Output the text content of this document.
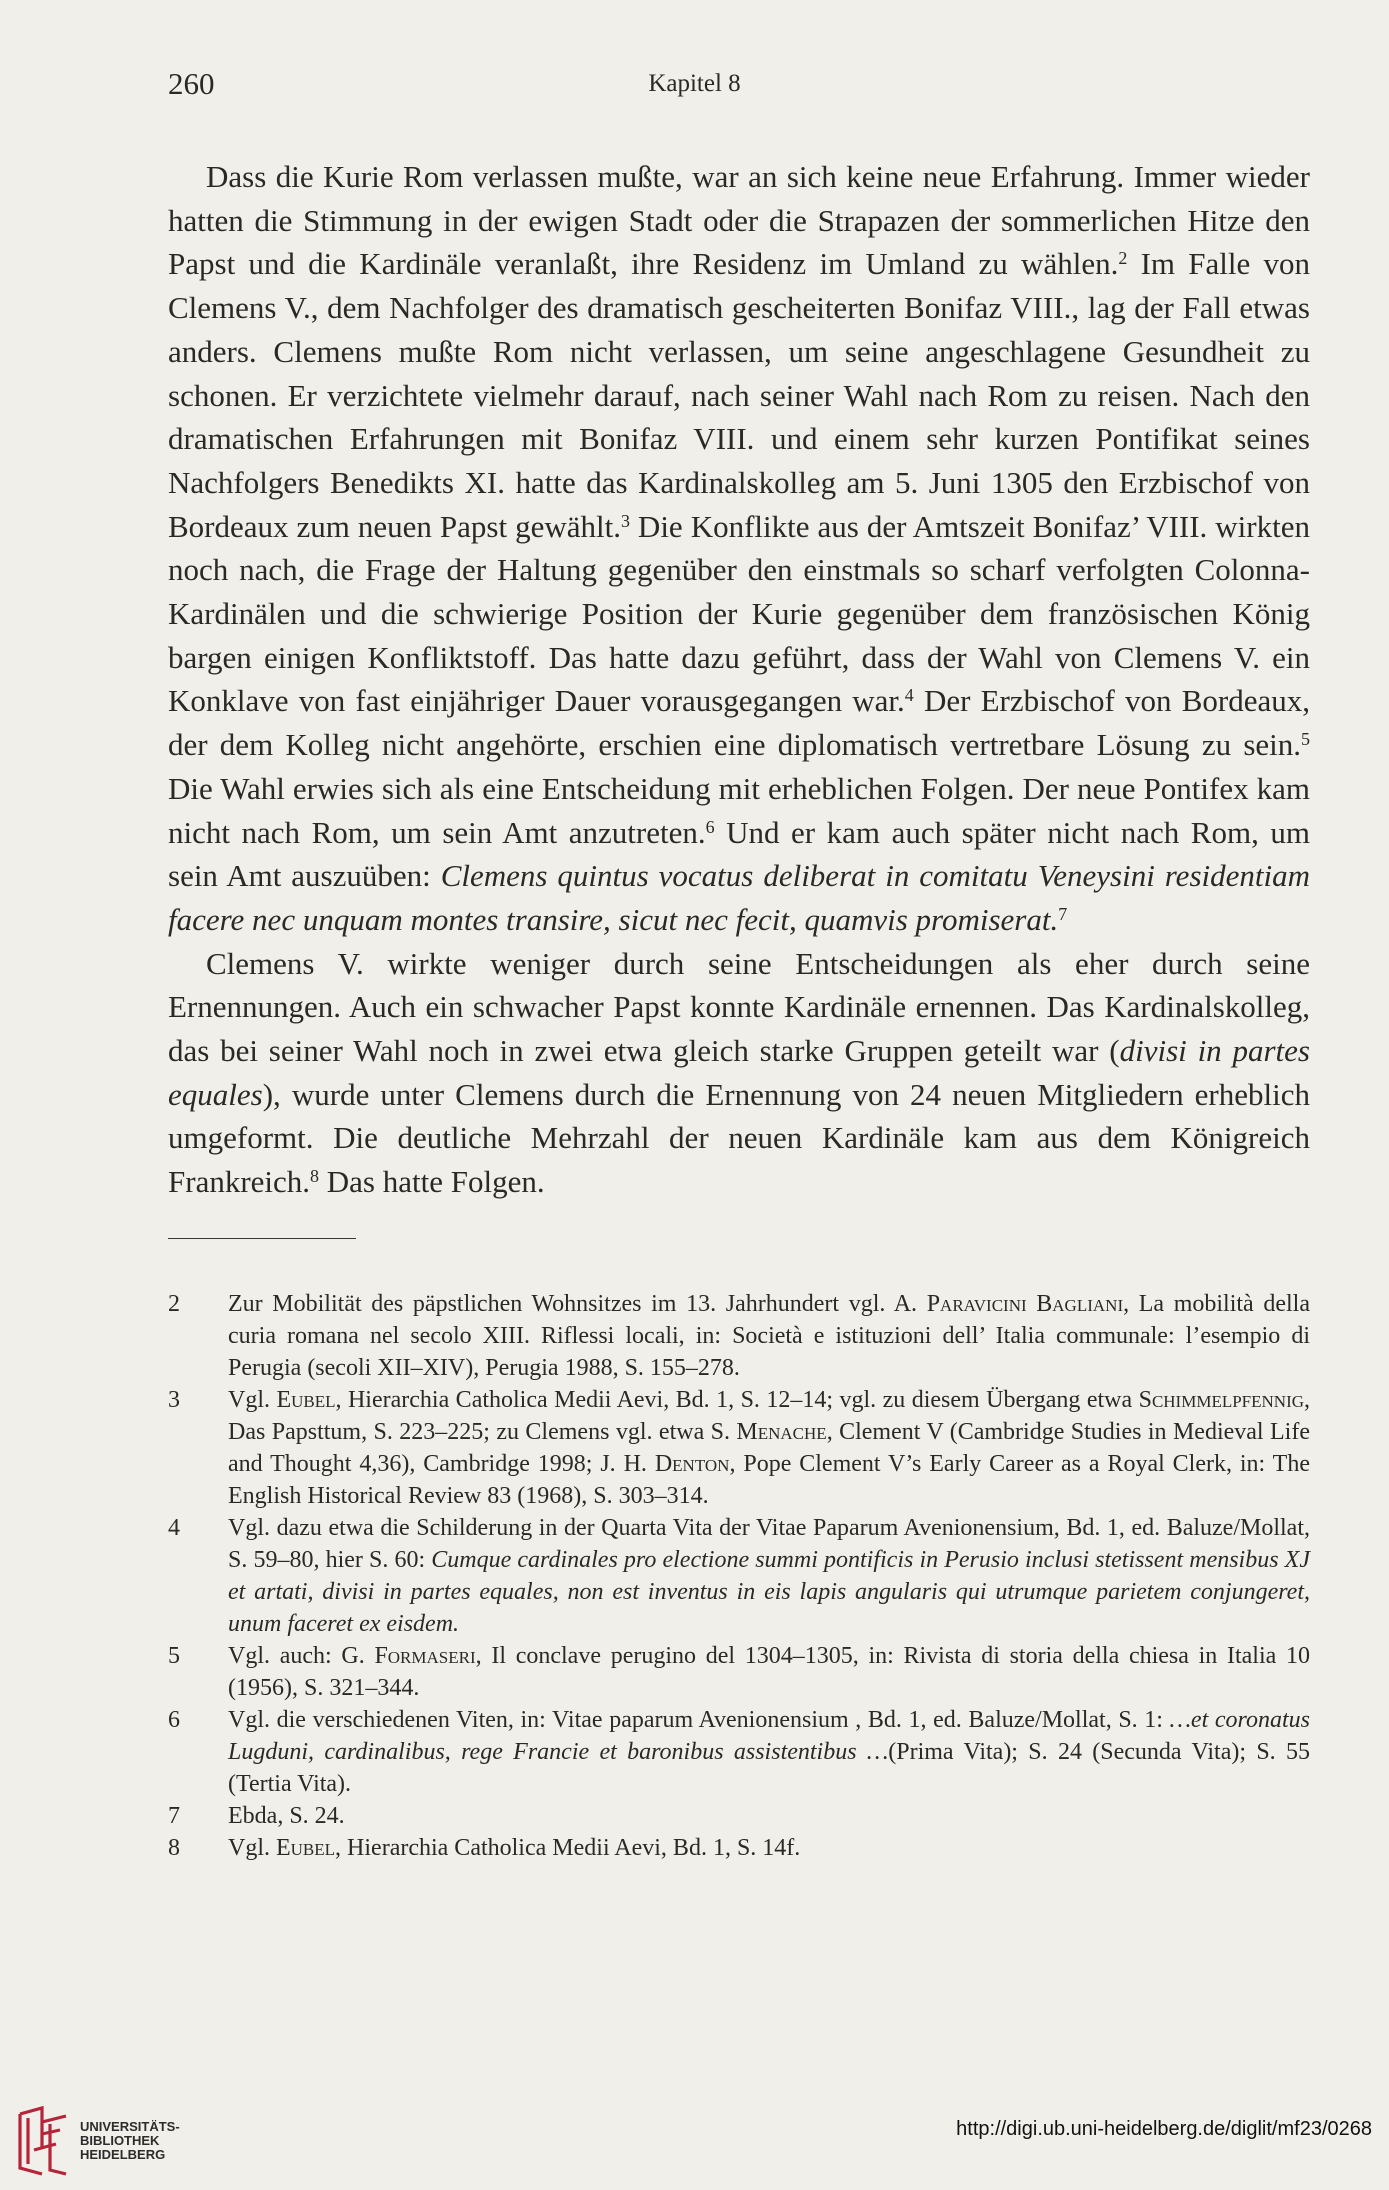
260	Kapitel 8

Dass die Kurie Rom verlassen mußte, war an sich keine neue Erfahrung. Immer wieder hatten die Stimmung in der ewigen Stadt oder die Strapazen der sommerlichen Hitze den Papst und die Kardinäle veranlaßt, ihre Residenz im Umland zu wählen.$^2$ Im Falle von Clemens V., dem Nachfolger des dramatisch gescheiterten Bonifaz VIII., lag der Fall etwas anders. Clemens mußte Rom nicht verlassen, um seine angeschlagene Gesundheit zu schonen. Er verzichtete vielmehr darauf, nach seiner Wahl nach Rom zu reisen. Nach den dramatischen Erfahrungen mit Bonifaz VIII. und einem sehr kurzen Pontifikat seines Nachfolgers Benedikts XI. hatte das Kardinalskolleg am 5. Juni 1305 den Erzbischof von Bordeaux zum neuen Papst gewählt.$^3$ Die Konflikte aus der Amtszeit Bonifaz’ VIII. wirkten noch nach, die Frage der Haltung gegenüber den einstmals so scharf verfolgten Colonna-Kardinälen und die schwierige Position der Kurie gegenüber dem französischen König bargen einigen Konfliktstoff. Das hatte dazu geführt, dass der Wahl von Clemens V. ein Konklave von fast einjähriger Dauer vorausgegangen war.$^4$ Der Erzbischof von Bordeaux, der dem Kolleg nicht angehörte, erschien eine diplomatisch vertretbare Lösung zu sein.$^5$ Die Wahl erwies sich als eine Entscheidung mit erheblichen Folgen. Der neue Pontifex kam nicht nach Rom, um sein Amt anzutreten.$^6$ Und er kam auch später nicht nach Rom, um sein Amt auszuüben: Clemens quintus vocatus deliberat in comitatu Veneysini residentiam facere nec unquam montes transire, sicut nec fecit, quamvis promiserat.$^7$

Clemens V. wirkte weniger durch seine Entscheidungen als eher durch seine Ernennungen. Auch ein schwacher Papst konnte Kardinäle ernennen. Das Kardinalskolleg, das bei seiner Wahl noch in zwei etwa gleich starke Gruppen geteilt war (divisi in partes equales), wurde unter Clemens durch die Ernennung von 24 neuen Mitgliedern erheblich umgeformt. Die deutliche Mehrzahl der neuen Kardinäle kam aus dem Königreich Frankreich.$^8$ Das hatte Folgen.

2	Zur Mobilität des päpstlichen Wohnsitzes im 13. Jahrhundert vgl. A. Paravicini Bagliani, La mobilità della curia romana nel secolo XIII. Riflessi locali, in: Società e istituzioni dell’ Italia communale: l’esempio di Perugia (secoli XII–XIV), Perugia 1988, S. 155–278.
3	Vgl. Eubel, Hierarchia Catholica Medii Aevi, Bd. 1, S. 12–14; vgl. zu diesem Übergang etwa Schimmelpfennig, Das Papsttum, S. 223–225; zu Clemens vgl. etwa S. Menache, Clement V (Cambridge Studies in Medieval Life and Thought 4,36), Cambridge 1998; J. H. Denton, Pope Clement V’s Early Career as a Royal Clerk, in: The English Historical Review 83 (1968), S. 303–314.
4	Vgl. dazu etwa die Schilderung in der Quarta Vita der Vitae Paparum Avenionensium, Bd. 1, ed. Baluze/Mollat, S. 59–80, hier S. 60: Cumque cardinales pro electione summi pontificis in Perusio inclusi stetissent mensibus XJ et artati, divisi in partes equales, non est inventus in eis lapis angularis qui utrumque parietem conjungeret, unum faceret ex eisdem.
5	Vgl. auch: G. Formaseri, Il conclave perugino del 1304–1305, in: Rivista di storia della chiesa in Italia 10 (1956), S. 321–344.
6	Vgl. die verschiedenen Viten, in: Vitae paparum Avenionensium , Bd. 1, ed. Baluze/Mollat, S. 1: …et coronatus Lugduni, cardinalibus, rege Francie et baronibus assistentibus …(Prima Vita); S. 24 (Secunda Vita); S. 55 (Tertia Vita).
7	Ebda, S. 24.
8	Vgl. Eubel, Hierarchia Catholica Medii Aevi, Bd. 1, S. 14f.
UNIVERSITÄTS-
BIBLIOTHEK
HEIDELBERG
http://digi.ub.uni-heidelberg.de/diglit/mf23/0268
